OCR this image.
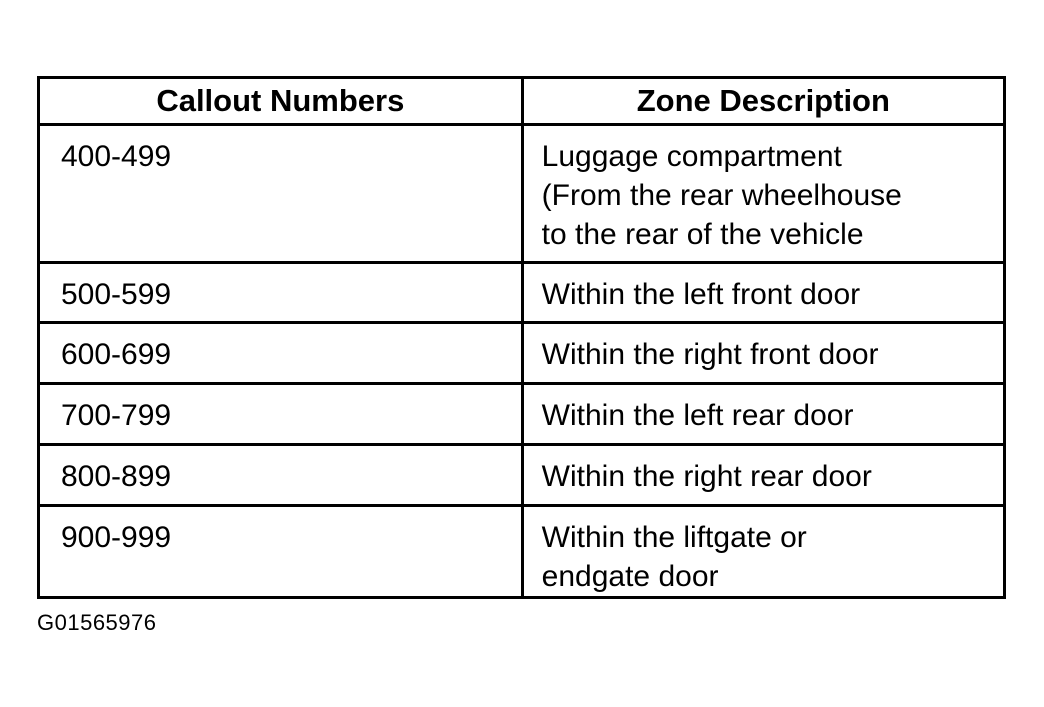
Callout Numbers	Zone Description
400-499	Luggage compartment
(From the rear wheelhouse
to the rear of the vehicle

500-599	Within the left front door

600-699	Within the right front door

700-799	Within the left rear door

800-899	Within the right rear door

900-999	Within the liftgate or
endgate door
G01565976
